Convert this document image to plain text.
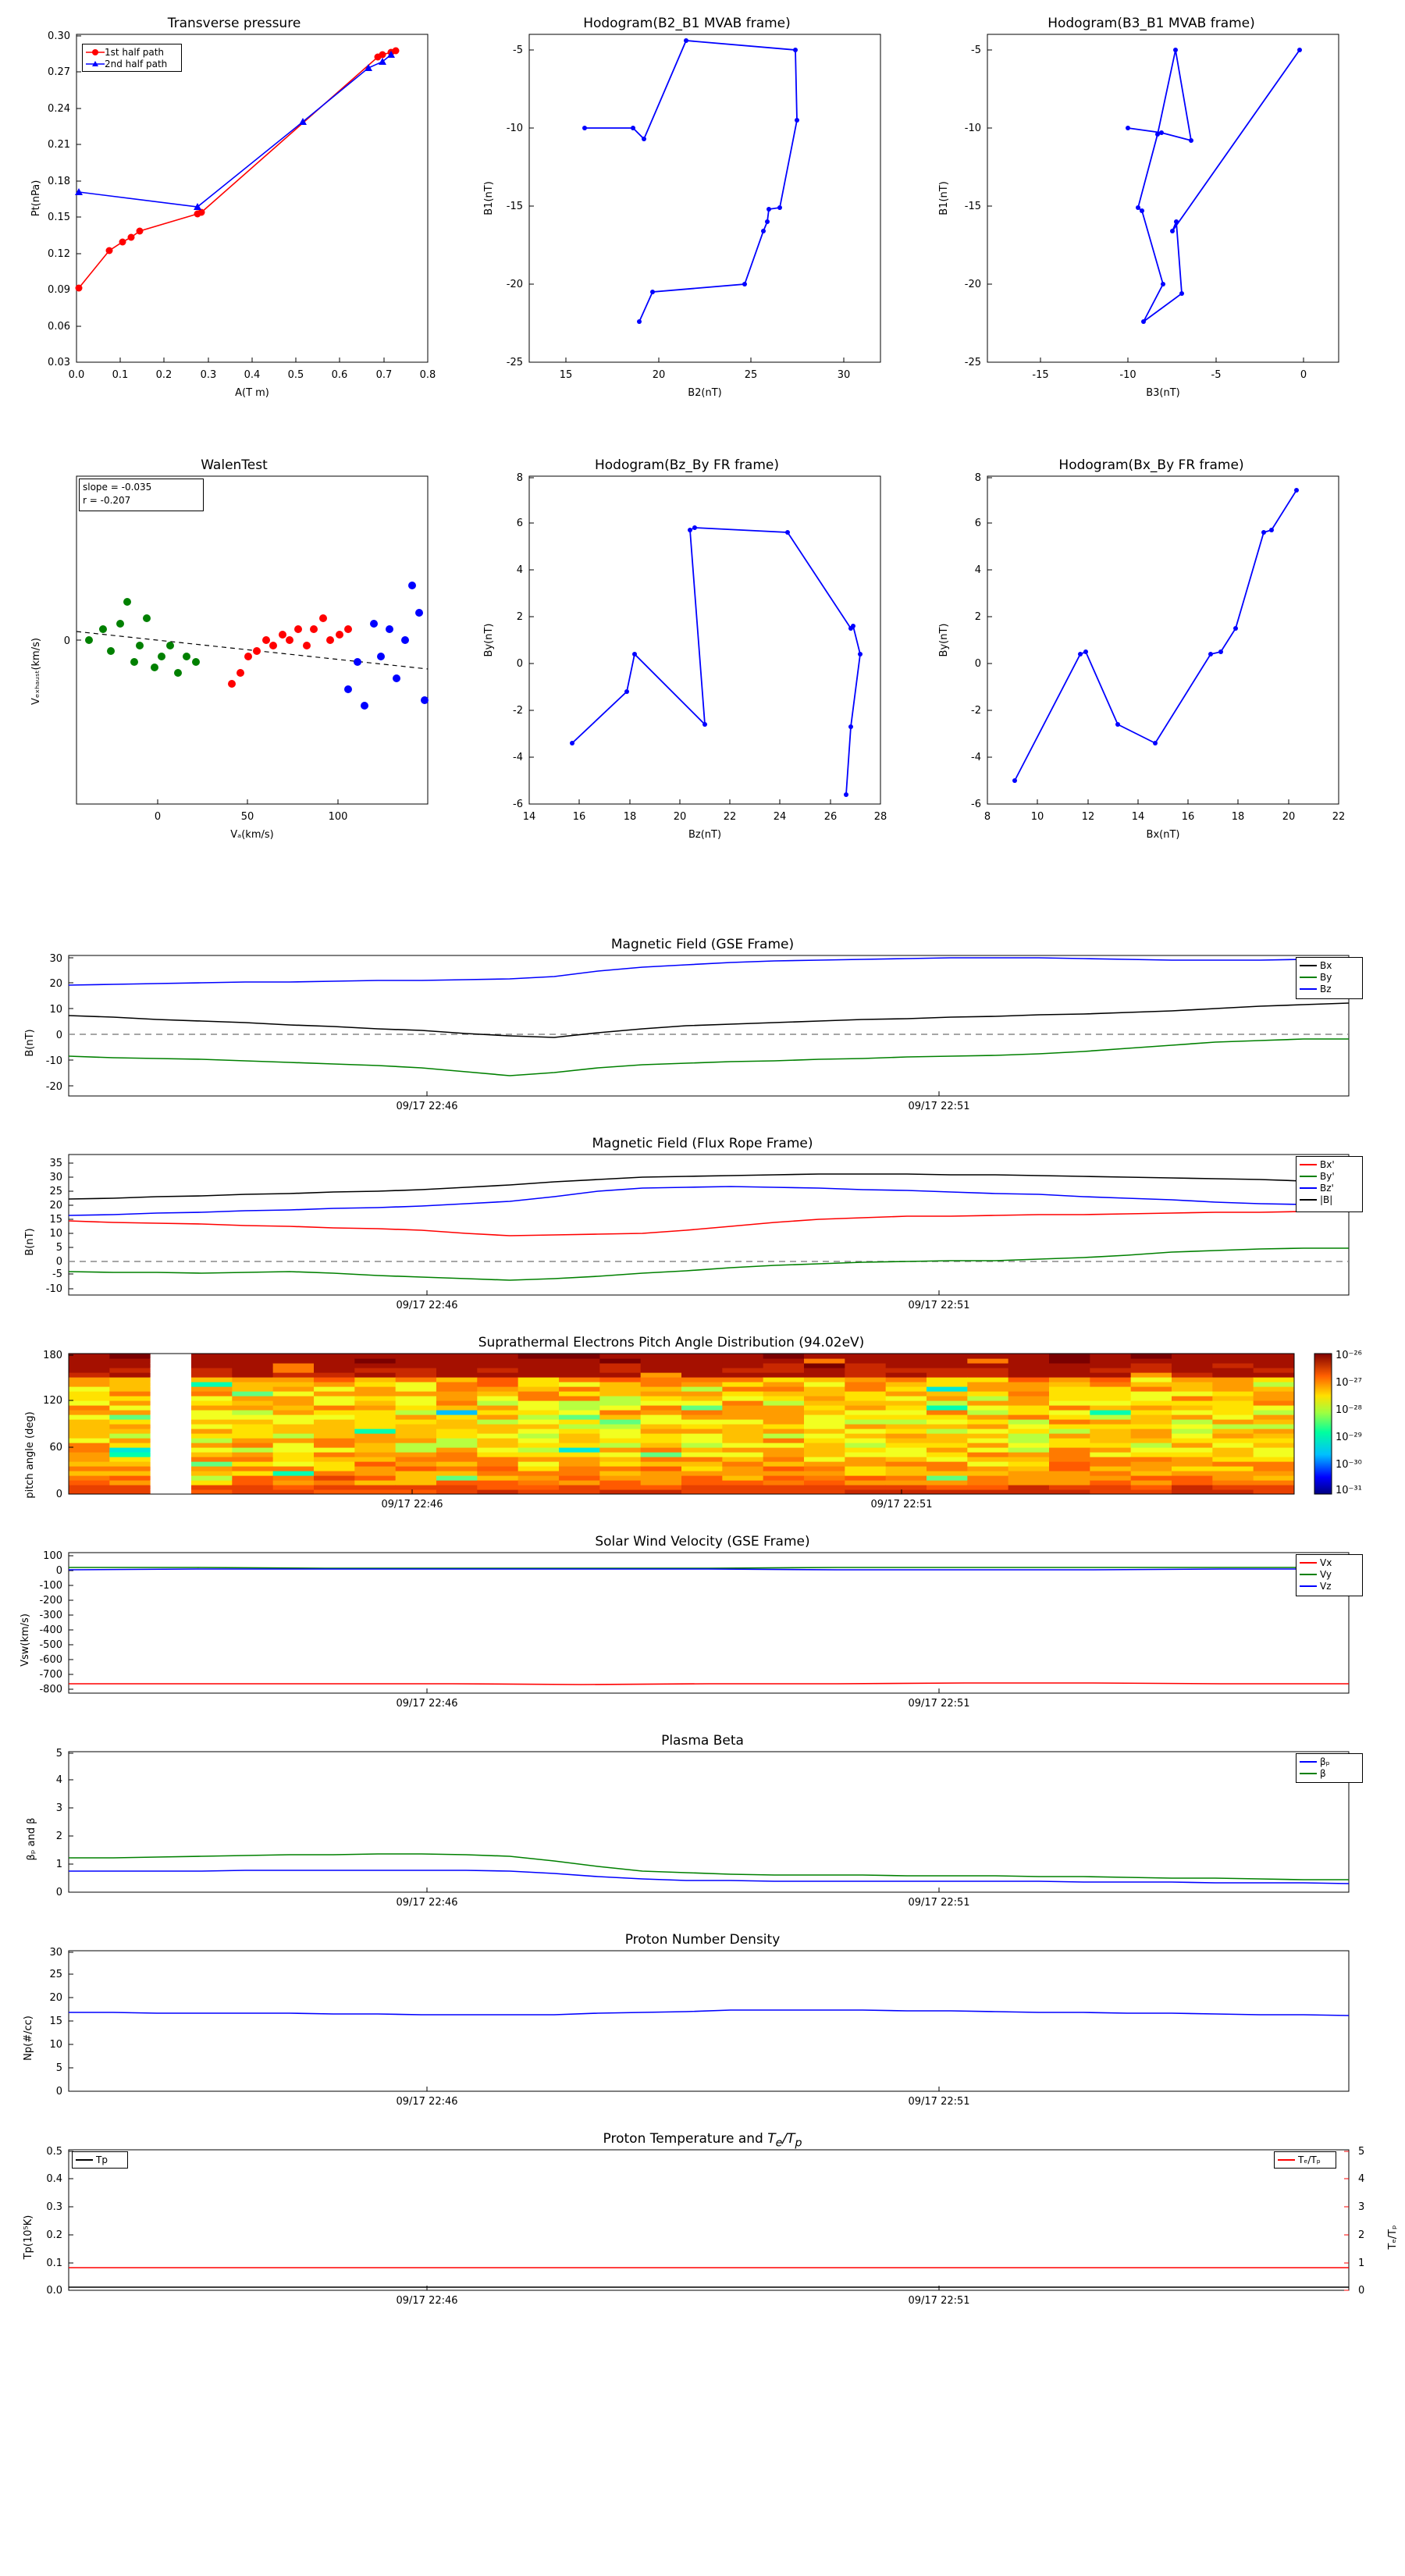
Transverse pressure
0.03
0.06
0.09
0.12
0.15
0.18
0.21
0.24
0.27
0.30
0.0	0.1	0.2	0.3	0.4	0.5	0.6	0.7	0.8
A(T m)
Pt(nPa)
1st half path
2nd half path
Hodogram(B2_B1 MVAB frame)
-25
-20
-15
-10
-5
15	20	25	30
B2(nT)
B1(nT)
Hodogram(B3_B1 MVAB frame)
-25
-20
-15
-10
-5
-15	-10	-5	0
B3(nT)
B1(nT)
WalenTest
0
0	50	100
Vₐ(km/s)
Vₑₓₕₐᵤₛₜ(km/s)
slope = -0.035
r = -0.207
Hodogram(Bz_By FR frame)
-6
-4
-2
0
2
4
6
8
14	16	18	20	22	24	26	28
Bz(nT)
By(nT)
Hodogram(Bx_By FR frame)
-6
-4
-2
0
2
4
6
8
8	10	12	14	16	18	20	22
Bx(nT)
By(nT)
Magnetic Field (GSE Frame)
-20
-10
0
10
20
30
09/17 22:46	09/17 22:51
B(nT)
Bx
By
Bz
Magnetic Field (Flux Rope Frame)
-10
-5
0
5
10
15
20
25
30
35
09/17 22:46	09/17 22:51
B(nT)
Bx'
By'
Bz'
|B|
Suprathermal Electrons Pitch Angle Distribution (94.02eV)
0
60
120
180
09/17 22:46	09/17 22:51
pitch angle (deg)
10⁻²⁶
10⁻²⁷
10⁻²⁸
10⁻²⁹
10⁻³⁰
10⁻³¹
Solar Wind Velocity (GSE Frame)
100
0
-100
-200
-300
-400
-500
-600
-700
-800
09/17 22:46	09/17 22:51
Vsw(km/s)
Vx
Vy
Vz
Plasma Beta
0
1
2
3
4
5
09/17 22:46	09/17 22:51
βₚ and β
βₚ
β
Proton Number Density
0
5
10
15
20
25
30
09/17 22:46	09/17 22:51
Np(#/cc)
Proton Temperature and $T_e/T_p$
0.0
0.1
0.2
0.3
0.4
0.5
0
1
2
3
4
5
09/17 22:46	09/17 22:51
Tp(10⁵K)	Tₑ/Tₚ
Tp	Tₑ/Tₚ
